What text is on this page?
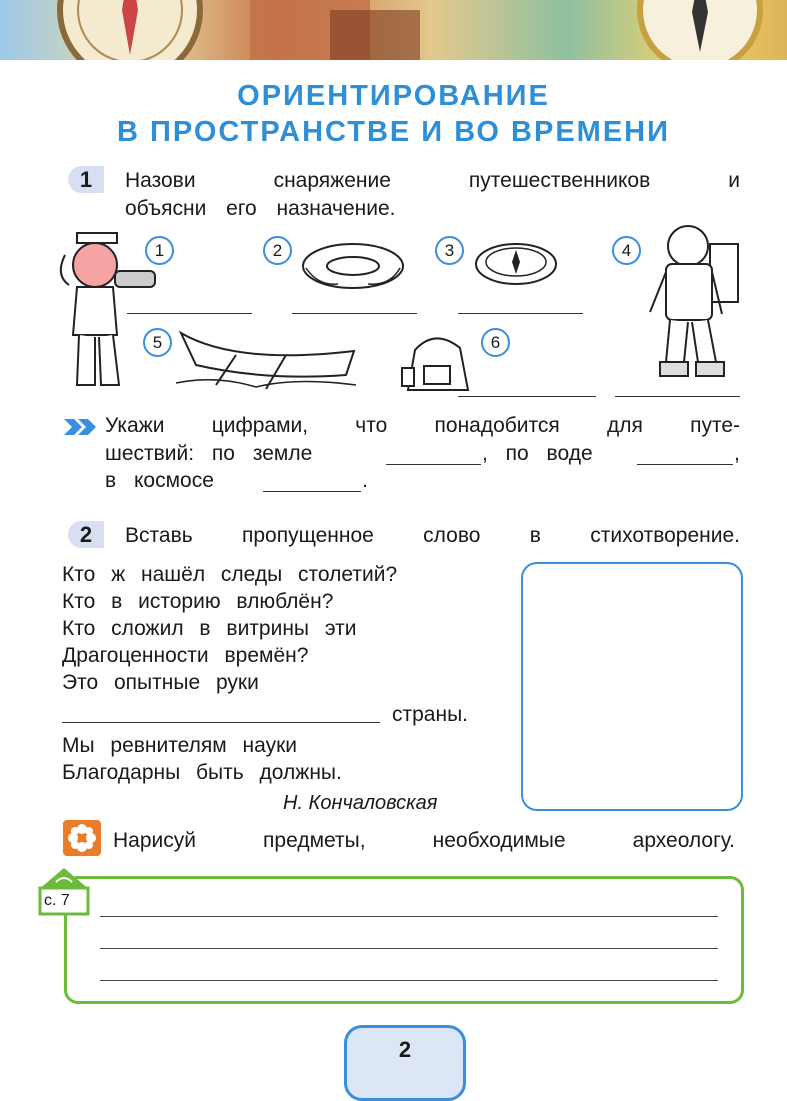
ОРИЕНТИРОВАНИЕ
В ПРОСТРАНСТВЕ И ВО ВРЕМЕНИ
1	Назови снаряжение путешественников и
объясни его назначение.
1	2	3	4
5	6
Укажи цифрами, что понадобится для путе-
шествий: по земле	, по воде	,
в космосе	.
2	Вставь пропущенное слово в стихотворение.
Кто ж нашёл следы столетий?
Кто в историю влюблён?
Кто сложил в витрины эти
Драгоценности времён?
Это опытные руки
страны.
Мы ревнителям науки
Благодарны быть должны.
Н. Кончаловская
Нарисуй предметы, необходимые археологу.
с. 7
2
